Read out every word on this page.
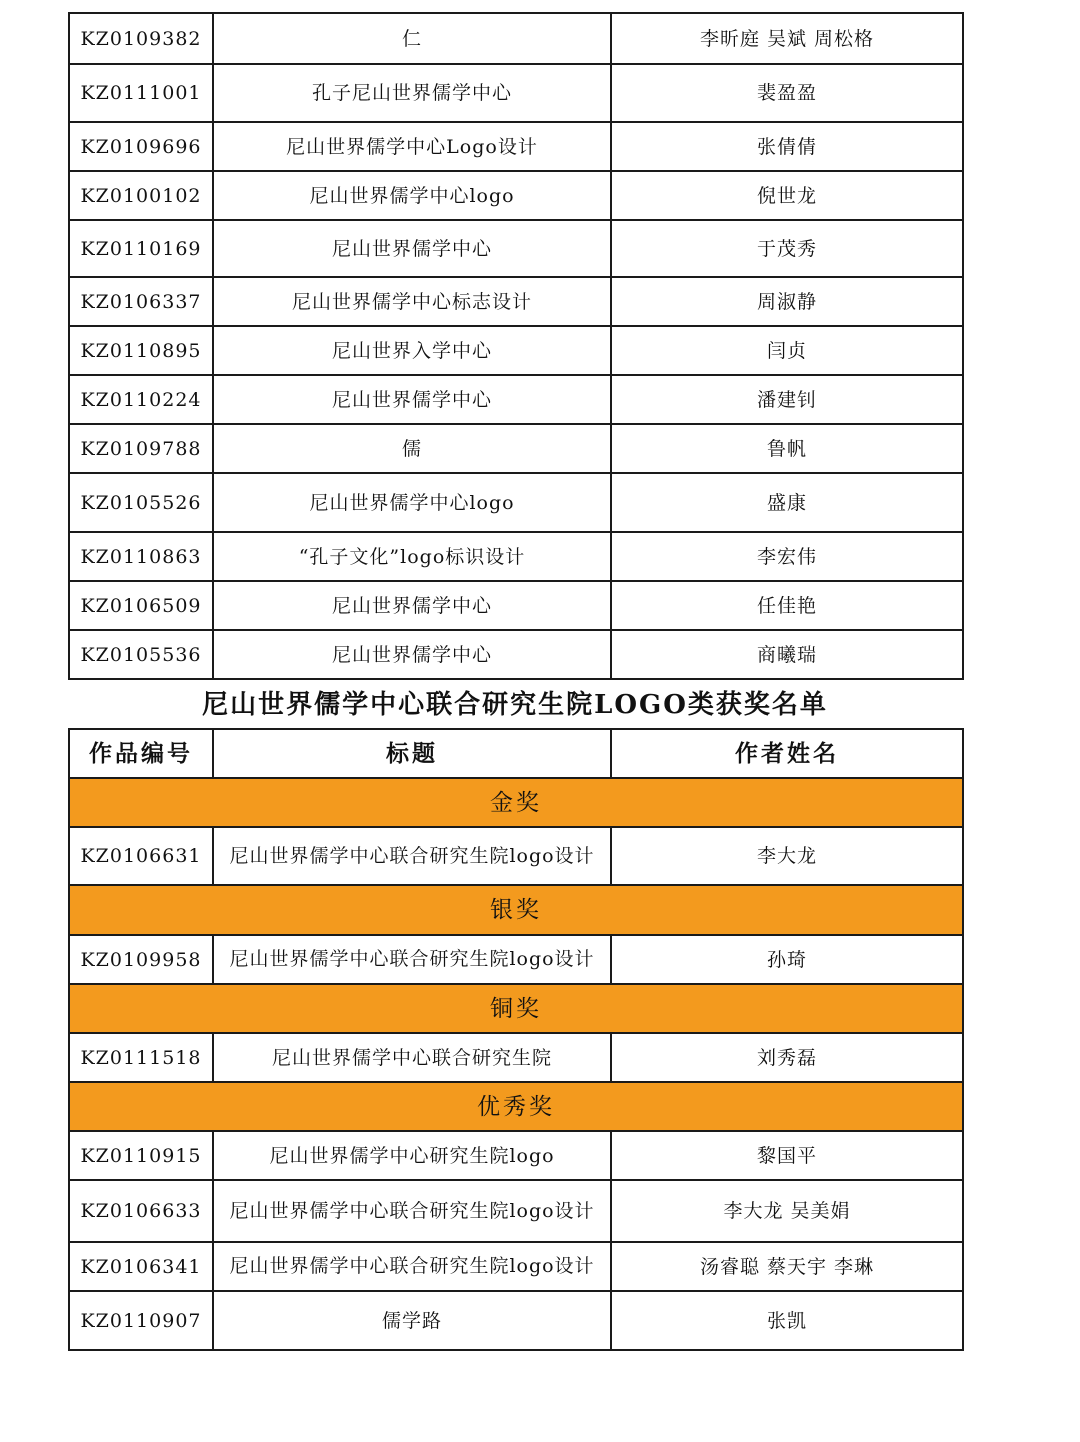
KZ0109382	仁	李昕庭 吴斌 周松格
KZ0111001	孔子尼山世界儒学中心	裴盈盈
KZ0109696	尼山世界儒学中心Logo设计	张倩倩
KZ0100102	尼山世界儒学中心logo	倪世龙
KZ0110169	尼山世界儒学中心	于茂秀
KZ0106337	尼山世界儒学中心标志设计	周淑静
KZ0110895	尼山世界入学中心	闫贞
KZ0110224	尼山世界儒学中心	潘建钊
KZ0109788	儒	鲁帆
KZ0105526	尼山世界儒学中心logo	盛康
KZ0110863	“孔子文化”logo标识设计	李宏伟
KZ0106509	尼山世界儒学中心	任佳艳
KZ0105536	尼山世界儒学中心	商曦瑞
尼山世界儒学中心联合研究生院LOGO类获奖名单
作品编号	标题	作者姓名
金奖		
KZ0106631	尼山世界儒学中心联合研究生院logo设计	李大龙
银奖		
KZ0109958	尼山世界儒学中心联合研究生院logo设计	孙琦
铜奖		
KZ0111518	尼山世界儒学中心联合研究生院	刘秀磊
优秀奖		
KZ0110915	尼山世界儒学中心研究生院logo	黎国平
KZ0106633	尼山世界儒学中心联合研究生院logo设计	李大龙 吴美娟
KZ0106341	尼山世界儒学中心联合研究生院logo设计	汤睿聪 蔡天宇 李琳
KZ0110907	儒学路	张凯
